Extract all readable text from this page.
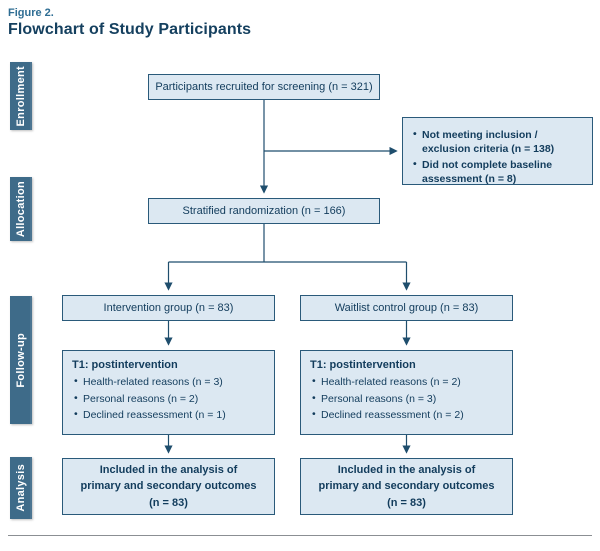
Figure 2.
Flowchart of Study Participants
Enrollment
Allocation
Follow-up
Analysis
Participants recruited for screening (n = 321)
• Not meeting inclusion / exclusion criteria (n = 138)
• Did not complete baseline assessment (n = 8)
Stratified randomization (n = 166)
Intervention group (n = 83)	Waitlist control group (n = 83)
T1: postintervention
• Health-related reasons (n = 3)
• Personal reasons (n = 2)
• Declined reassessment (n = 1)
T1: postintervention
• Health-related reasons (n = 2)
• Personal reasons (n = 3)
• Declined reassessment (n = 2)
Included in the analysis of primary and secondary outcomes (n = 83)
Included in the analysis of primary and secondary outcomes (n = 83)
